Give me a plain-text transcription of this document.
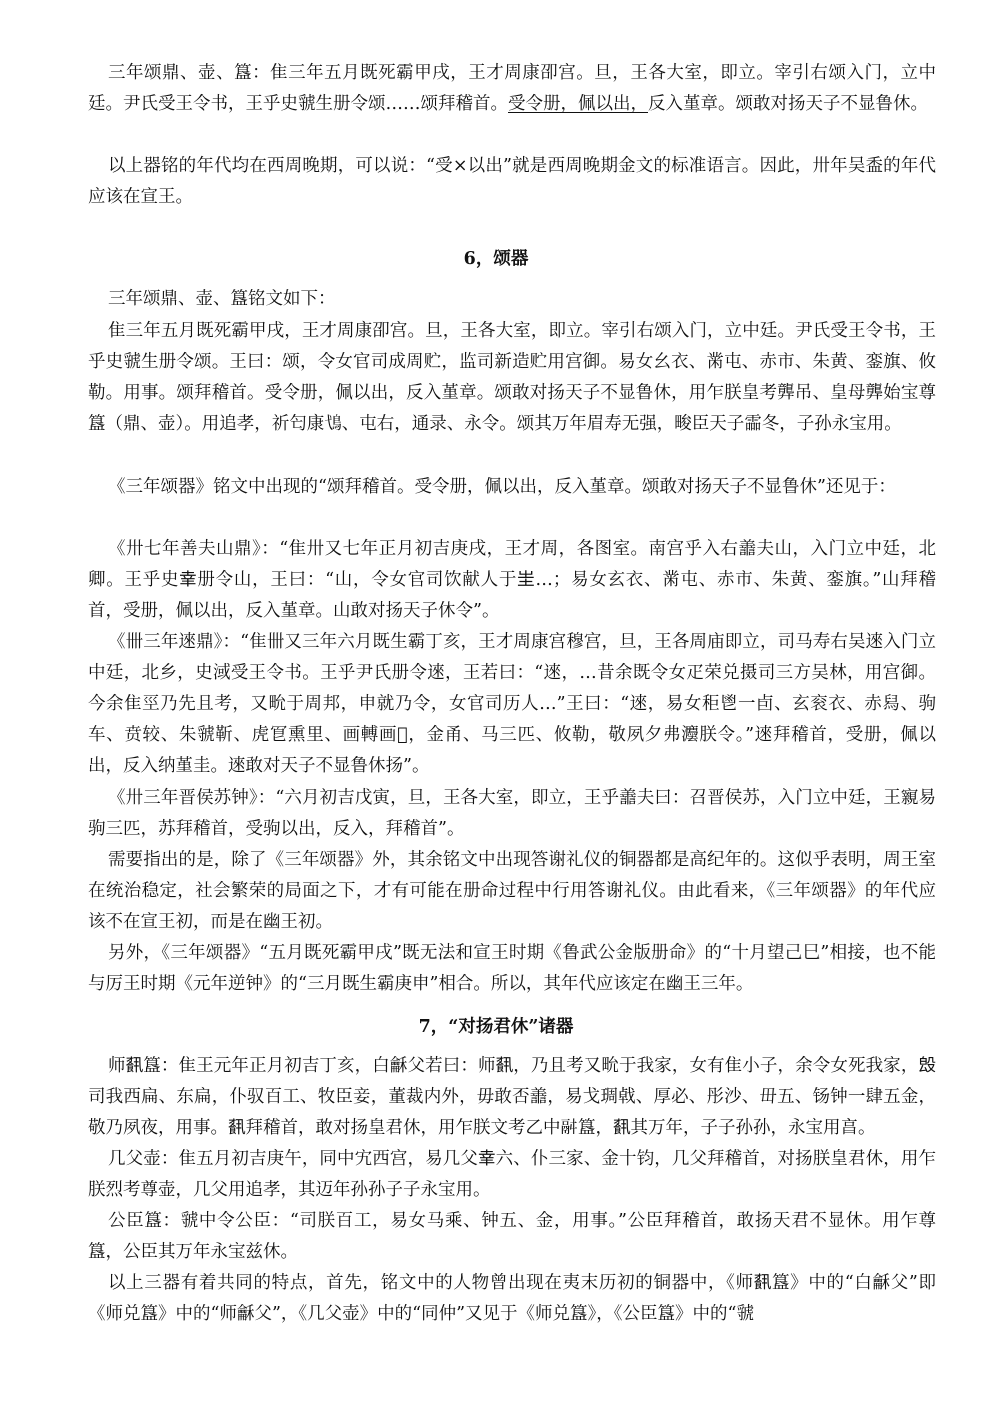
三年颂鼎、壶、簋：隹三年五月既死霸甲戌，王才周康卲宫。旦，王各大室，即立。宰引右颂入门，立中廷。尹氏受王令书，王乎史虢生册令颂……颂拜稽首。受令册，佩以出，反入堇章。颂敢对扬天子不显鲁休。

以上器铭的年代均在西周晚期，可以说：“受×以出”就是西周晚期金文的标准语言。因此，卅年吴盉的年代应该在宣王。

6，颂器

三年颂鼎、壶、簋铭文如下：

隹三年五月既死霸甲戌，王才周康卲宫。旦，王各大室，即立。宰引右颂入门，立中廷。尹氏受王令书，王乎史虢生册令颂。王曰：颂，令女官司成周贮，监司新造贮用宫御。易女幺衣、黹屯、赤市、朱黄、銮旗、攸勒。用事。颂拜稽首。受令册，佩以出，反入堇章。颂敢对扬天子不显鲁休，用乍朕皇考龏吊、皇母龏始宝尊簋（鼎、壶）。用追孝，祈匄康𩾢、屯右，通录、永令。颂其万年眉寿无强，畯臣天子霝冬，子孙永宝用。

《三年颂器》铭文中出现的“颂拜稽首。受令册，佩以出，反入堇章。颂敢对扬天子不显鲁休”还见于：

《卅七年善夫山鼎》：“隹卅又七年正月初吉庚戌，王才周，各图室。南宫乎入右譱夫山，入门立中廷，北卿。王乎史𦍒册令山，王曰：“山，令女官司饮献人于𡉚…；易女玄衣、黹屯、赤市、朱黄、銮旗。”山拜稽首，受册，佩以出，反入堇章。山敢对扬天子休令”。

《卌三年逨鼎》：“隹卌又三年六月既生霸丁亥，王才周康宫穆宫，旦，王各周庙即立，司马寿右吴逨入门立中廷，北乡，史淢受王令书。王乎尹氏册令逨，王若曰：“逨，…昔余既令女疋荣兑摄司三方吴林，用宫御。今余隹巠乃先且考，又㽙于周邦，申就乃令，女官司历人…”王曰：“逨，易女秬鬯一卣、玄衮衣、赤舄、驹车、贲较、朱虢靳、虎冟熏里、画𨍭画𨌝，金甬、马三匹、攸勒，敬夙夕弗灋朕令。”逨拜稽首，受册，佩以出，反入纳堇圭。逨敢对天子不显鲁休扬”。

《卅三年晋侯苏钟》：“六月初吉戊寅，旦，王各大室，即立，王乎譱夫曰：召晋侯苏，入门立中廷，王寴易驹三匹，苏拜稽首，受驹以出，反入，拜稽首”。

需要指出的是，除了《三年颂器》外，其余铭文中出现答谢礼仪的铜器都是高纪年的。这似乎表明，周王室在统治稳定，社会繁荣的局面之下，才有可能在册命过程中行用答谢礼仪。由此看来，《三年颂器》的年代应该不在宣王初，而是在幽王初。

另外，《三年颂器》“五月既死霸甲戌”既无法和宣王时期《鲁武公金版册命》的“十月望己巳”相接，也不能与厉王时期《元年逆钟》的“三月既生霸庚申”相合。所以，其年代应该定在幽王三年。

7，“对扬君休”诸器

师𩛥簋：隹王元年正月初吉丁亥，白龢父若曰：师𩛥，乃且考又㽙于我家，女有隹小子，余令女死我家，𣪕司我西扁、东扁，仆驭百工、牧臣妾，董裁内外，毋敢否譱，易戈琱㦸、厚必、彤沙、毌五、钖钟一肆五金，敬乃夙夜，用事。𩛥拜稽首，敢对扬皇君休，用乍朕文考乙中𩰫簋，𩛥其万年，子子孙孙，永宝用亯。

几父壶：隹五月初吉庚午，同中宄西宫，易几父𦍒六、仆三家、金十钧，几父拜稽首，对扬朕皇君休，用乍朕烈考尊壶，几父用追孝，其迈年孙孙子子永宝用。

公臣簋：虢中令公臣：“司朕百工，易女马乘、钟五、金，用事。”公臣拜稽首，敢扬天君不显休。用乍尊簋，公臣其万年永宝兹休。

以上三器有着共同的特点，首先，铭文中的人物曾出现在夷末历初的铜器中，《师𩛥簋》中的“白龢父”即《师兑簋》中的“师龢父”，《几父壶》中的“同仲”又见于《师兑簋》，《公臣簋》中的“虢
